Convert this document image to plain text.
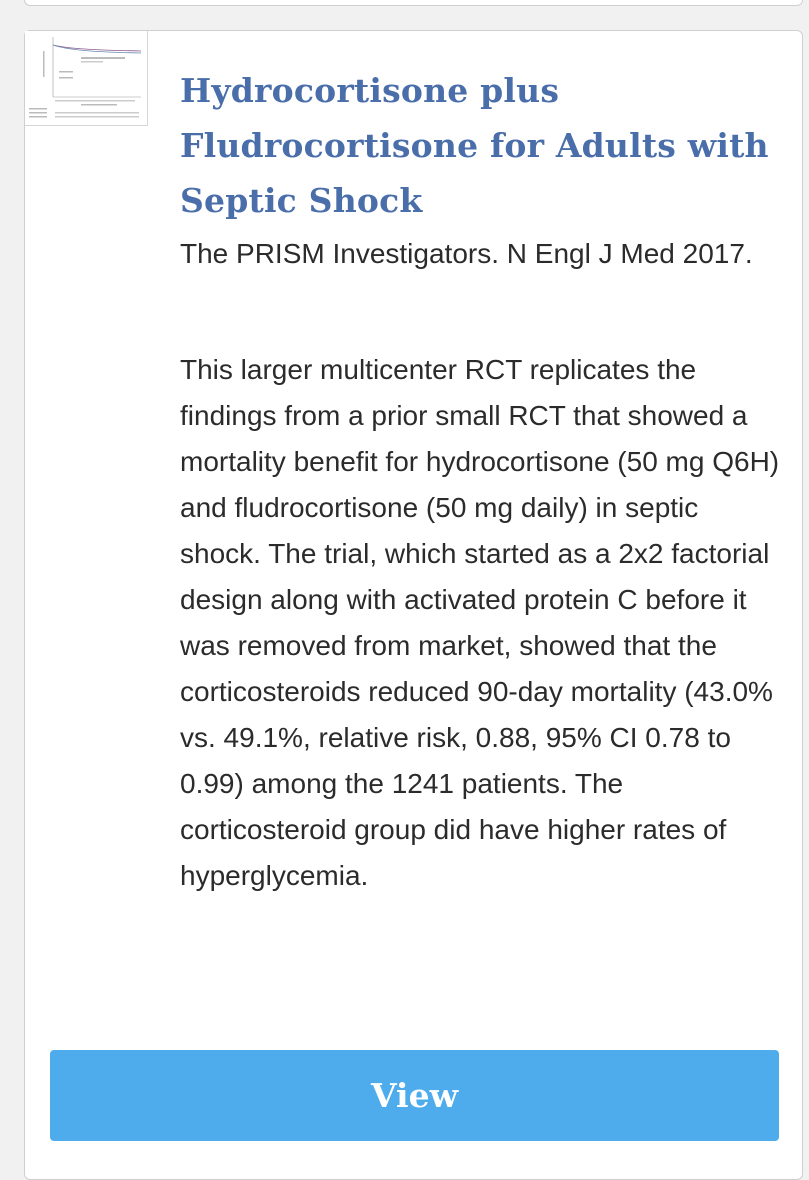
Hydrocortisone plus Fludrocortisone for Adults with Septic Shock

The PRISM Investigators. N Engl J Med 2017.

This larger multicenter RCT replicates the findings from a prior small RCT that showed a mortality benefit for hydrocortisone (50 mg Q6H) and fludrocortisone (50 mg daily) in septic shock. The trial, which started as a 2x2 factorial design along with activated protein C before it was removed from market, showed that the corticosteroids reduced 90-day mortality (43.0% vs. 49.1%, relative risk, 0.88, 95% CI 0.78 to 0.99) among the 1241 patients. The corticosteroid group did have higher rates of hyperglycemia.

View
